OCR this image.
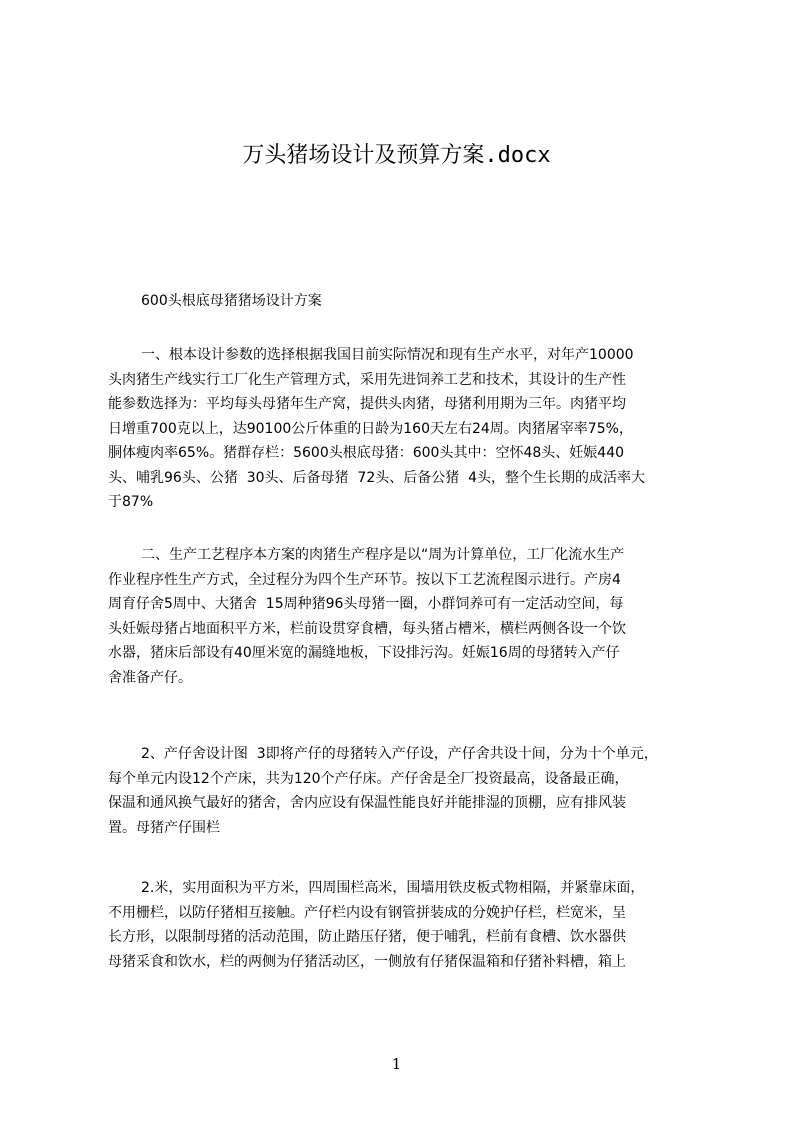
万头猪场设计及预算方案.docx
600头根底母猪猪场设计方案
一、根本设计参数的选择根据我国目前实际情况和现有生产水平，对年产10000
头肉猪生产线实行工厂化生产管理方式，采用先进饲养工艺和技术，其设计的生产性
能参数选择为：平均每头母猪年生产窝，提供头肉猪，母猪利用期为三年。肉猪平均
日增重700克以上，达90100公斤体重的日龄为160天左右24周。肉猪屠宰率75%，
胴体瘦肉率65%。猪群存栏：5600头根底母猪：600头其中：空怀48头、妊娠440
头、哺乳96头、公猪  30头、后备母猪  72头、后备公猪  4头，整个生长期的成活率大
于87%
二、生产工艺程序本方案的肉猪生产程序是以“周为计算单位，工厂化流水生产
作业程序性生产方式，全过程分为四个生产环节。按以下工艺流程图示进行。产房4
周育仔舍5周中、大猪舍  15周种猪96头母猪一圈，小群饲养可有一定活动空间，每
头妊娠母猪占地面积平方米，栏前设贯穿食槽，每头猪占槽米，横栏两侧各设一个饮
水器，猪床后部设有40厘米宽的漏缝地板，下设排污沟。妊娠16周的母猪转入产仔
舍准备产仔。
2、产仔舍设计图  3即将产仔的母猪转入产仔设，产仔舍共设十间，分为十个单元，
每个单元内设12个产床，共为120个产仔床。产仔舍是全厂投资最高，设备最正确，
保温和通风换气最好的猪舍，舍内应设有保温性能良好并能排湿的顶棚，应有排风装
置。母猪产仔围栏
2.米，实用面积为平方米，四周围栏高米，围墙用铁皮板式物相隔，并紧靠床面，
不用栅栏，以防仔猪相互接触。产仔栏内设有钢管拼装成的分娩护仔栏，栏宽米，呈
长方形，以限制母猪的活动范围，防止踏压仔猪，便于哺乳，栏前有食槽、饮水器供
母猪采食和饮水，栏的两侧为仔猪活动区，一侧放有仔猪保温箱和仔猪补料槽，箱上
1
